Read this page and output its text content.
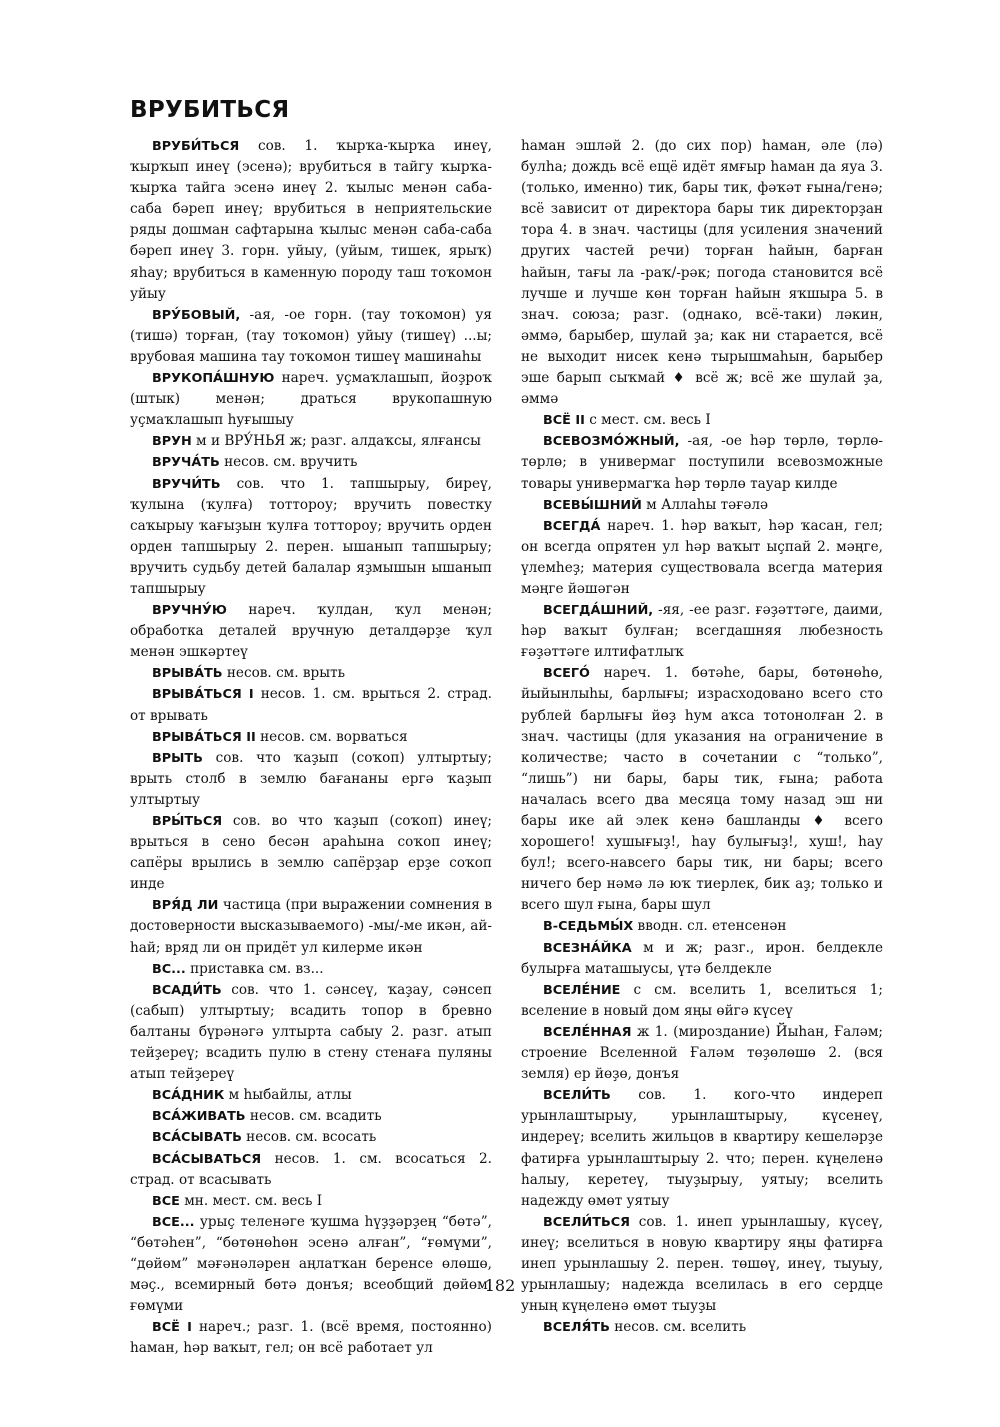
ВРУБИТЬСЯ

ВРУБИ́ТЬСЯ сов. 1. ҡырҡа-ҡырҡа инеү, ҡырҡып инеү (эсенә); врубиться в тайгу ҡырҡа-ҡырҡа тайга эсенә инеү 2. ҡылыс менән саба-саба бәреп инеү; врубиться в неприятельские ряды дошман сафтарына ҡылыс менән саба-саба бәреп инеү 3. горн. уйыу, (уйым, тишек, ярыҡ) яһау; врубиться в каменную породу таш тоҡомон уйыу

ВРУ́БОВЫЙ, -ая, -ое горн. (тау тоҡомон) уя (тишә) торған, (тау тоҡомон) уйыу (тишеү) ...ы; врубовая машина тау тоҡомон тишеү машинаһы

ВРУКОПА́ШНУЮ нареч. уҫмаҡлашып, йоҙроҡ (штык) менән; драться врукопашную уҫмаҡлашып һуғышыу

ВРУН м и ВРУ́НЬЯ ж; разг. алдаҡсы, ялғансы

ВРУЧА́ТЬ несов. см. вручить

ВРУЧИ́ТЬ сов. что 1. тапшырыу, биреү, ҡулына (ҡулға) тоттороу; вручить повестку саҡырыу ҡағыҙын ҡулға тоттороу; вручить орден орден тапшырыу 2. перен. ышанып тапшырыу; вручить судьбу детей балалар яҙмышын ышанып тапшырыу

ВРУЧНУ́Ю нареч. ҡулдан, ҡул менән; обработка деталей вручную деталдәрҙе ҡул менән эшкәртеү

ВРЫВА́ТЬ несов. см. врыть

ВРЫВА́ТЬСЯ I несов. 1. см. врыться 2. страд. от врывать

ВРЫВА́ТЬСЯ II несов. см. ворваться

ВРЫТЬ сов. что ҡаҙып (соҡоп) ултыртыу; врыть столб в землю бағананы ергә ҡаҙып ултыртыу

ВРЫ́ТЬСЯ сов. во что ҡаҙып (соҡоп) инеү; врыться в сено бесән араһына соҡоп инеү; сапёры врылись в землю сапёрҙар ерҙе соҡоп инде

ВРЯ́Д ЛИ частица (при выражении сомнения в достоверности высказываемого) -мы/-ме икән, ай-һай; вряд ли он придёт ул килерме икән

ВС... приставка см. вз...

ВСАДИ́ТЬ сов. что 1. сәнсеү, ҡаҙау, сәнсеп (сабып) ултыртыу; всадить топор в бревно балтаны бүрәнәгә ултырта сабыу 2. разг. атып тейҙереү; всадить пулю в стену стенаға пуляны атып тейҙереү

ВСА́ДНИК м һыбайлы, атлы

ВСА́ЖИВАТЬ несов. см. всадить

ВСА́СЫВАТЬ несов. см. всосать

ВСА́СЫВАТЬСЯ несов. 1. см. всосаться 2. страд. от всасывать

ВСЕ мн. мест. см. весь I

ВСЕ... урыҫ теленәге ҡушма һүҙҙәрҙең “бөтә”, “бөтәһен”, “бөтөнөһөн эсенә алған”, “ғөмүми”, “дөйөм” мәғәнәләрен аңлатҡан беренсе өлөшө, мәҫ., всемирный бөтә донъя; всеобщий дөйөм, ғөмүми

ВСЁ I нареч.; разг. 1. (всё время, постоянно) һаман, һәр ваҡыт, гел; он всё работает ул

һаман эшләй 2. (до сих пор) һаман, әле (лә) булһа; дождь всё ещё идёт ямғыр һаман да яуа 3. (только, именно) тик, бары тик, фәҡәт ғына/генә; всё зависит от директора бары тик директорҙан тора 4. в знач. частицы (для усиления значений других частей речи) торған һайын, барған һайын, тағы ла -раҡ/-рәк; погода становится всё лучше и лучше көн торған һайын яҡшыра 5. в знач. союза; разг. (однако, всё-таки) ләкин, әммә, барыбер, шулай ҙа; как ни старается, всё не выходит нисек кенә тырышмаһын, барыбер эше барып сыҡмай ♦ всё ж; всё же шулай ҙа, әммә

ВСЁ II с мест. см. весь I

ВСЕВОЗМО́ЖНЫЙ, -ая, -ое һәр төрлө, төрлө-төрлө; в универмаг поступили всевозможные товары универмагҡа һәр төрлө тауар килде

ВСЕВЫ́ШНИЙ м Аллаһы тәғәлә

ВСЕГДА́ нареч. 1. һәр ваҡыт, һәр ҡасан, гел; он всегда опрятен ул һәр ваҡыт ыҫпай 2. мәңге, үлемһеҙ; материя существовала всегда материя мәңге йәшәгән

ВСЕГДА́ШНИЙ, -яя, -ее разг. ғәҙәттәге, даими, һәр ваҡыт булған; всегдашняя любезность ғәҙәттәге илтифатлыҡ

ВСЕГО́ нареч. 1. бөтәһе, бары, бөтөнөһө, йыйынлыһы, барлығы; израсходовано всего сто рублей барлығы йөҙ һум аҡса тотонолған 2. в знач. частицы (для указания на ограничение в количестве; часто в сочетании с “только”, “лишь”) ни бары, бары тик, ғына; работа началась всего два месяца тому назад эш ни бары ике ай элек кенә башланды ♦ всего хорошего! хушығыҙ!, һау булығыҙ!, хуш!, һау бул!; всего-навсего бары тик, ни бары; всего ничего бер нәмә лә юҡ тиерлек, бик аҙ; только и всего шул ғына, бары шул

В-СЕДЬМЫ́Х вводн. сл. етенсенән

ВСЕЗНА́ЙКА м и ж; разг., ирон. белдекле булырға маташыусы, үтә белдекле

ВСЕЛЕ́НИЕ с см. вселить 1, вселиться 1; вселение в новый дом яңы өйгә күсеү

ВСЕЛЕ́ННАЯ ж 1. (мироздание) Йыһан, Ғаләм; строение Вселенной Ғаләм төҙөлөшө 2. (вся земля) ер йөҙө, донъя

ВСЕЛИ́ТЬ сов. 1. кого-что индереп урынлаштырыу, урынлаштырыу, күсенеү, индереү; вселить жильцов в квартиру кешеләрҙе фатирға урынлаштырыу 2. что; перен. күңеленә һалыу, керетеү, тыуҙырыу, уятыу; вселить надежду өмөт уятыу

ВСЕЛИ́ТЬСЯ сов. 1. инеп урынлашыу, күсеү, инеү; вселиться в новую квартиру яңы фатирға инеп урынлашыу 2. перен. төшөү, инеү, тыуыу, урынлашыу; надежда вселилась в его сердце уның күңеленә өмөт тыуҙы

ВСЕЛЯ́ТЬ несов. см. вселить

182
